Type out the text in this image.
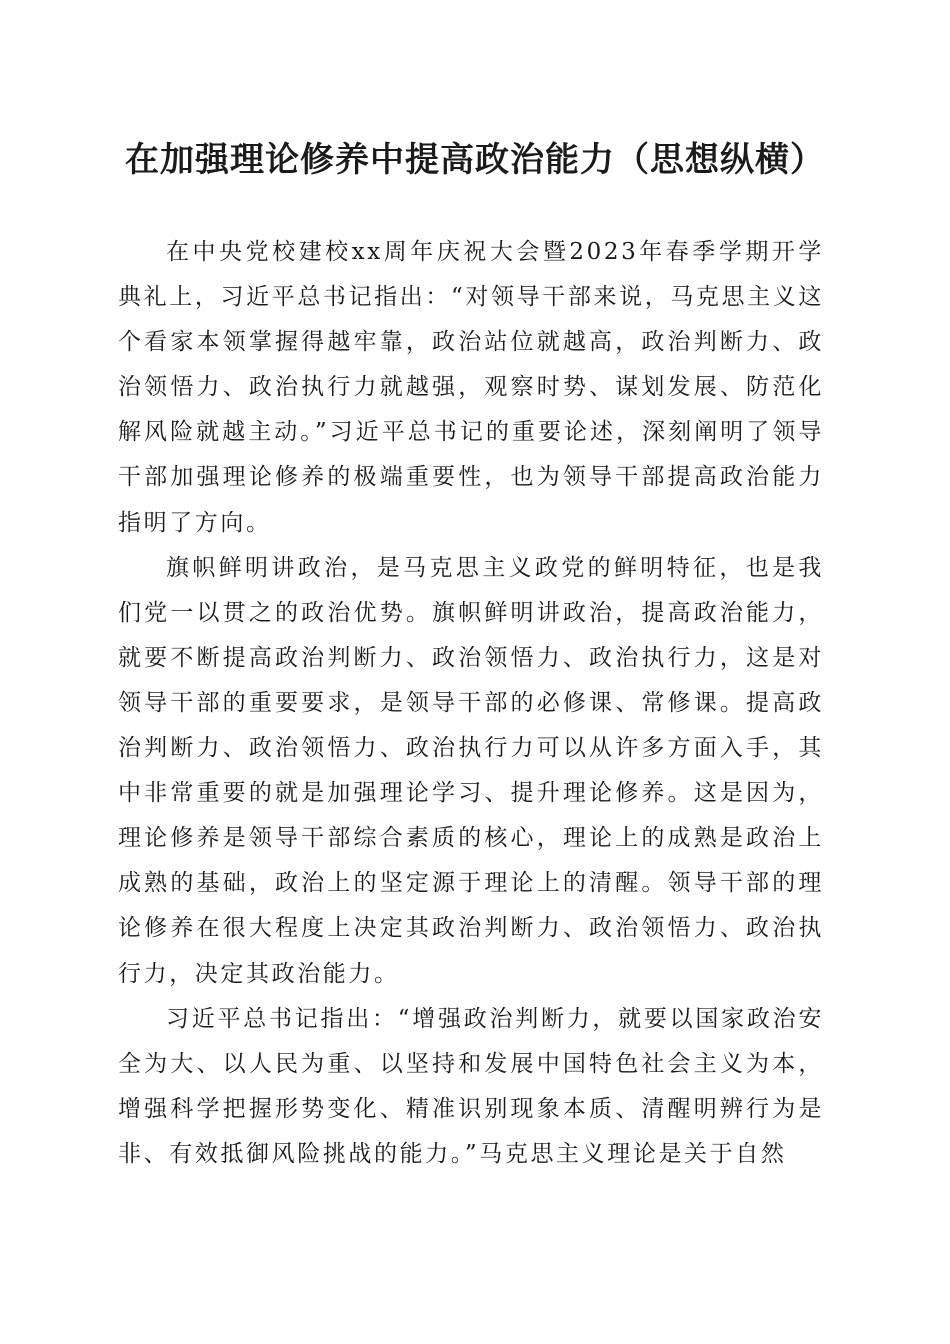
在加强理论修养中提高政治能力（思想纵横）

在中央党校建校xx周年庆祝大会暨2023年春季学期开学典礼上，习近平总书记指出：“对领导干部来说，马克思主义这个看家本领掌握得越牢靠，政治站位就越高，政治判断力、政治领悟力、政治执行力就越强，观察时势、谋划发展、防范化解风险就越主动。”习近平总书记的重要论述，深刻阐明了领导干部加强理论修养的极端重要性，也为领导干部提高政治能力指明了方向。

旗帜鲜明讲政治，是马克思主义政党的鲜明特征，也是我们党一以贯之的政治优势。旗帜鲜明讲政治，提高政治能力，就要不断提高政治判断力、政治领悟力、政治执行力，这是对领导干部的重要要求，是领导干部的必修课、常修课。提高政治判断力、政治领悟力、政治执行力可以从许多方面入手，其中非常重要的就是加强理论学习、提升理论修养。这是因为，理论修养是领导干部综合素质的核心，理论上的成熟是政治上成熟的基础，政治上的坚定源于理论上的清醒。领导干部的理论修养在很大程度上决定其政治判断力、政治领悟力、政治执行力，决定其政治能力。

习近平总书记指出：“增强政治判断力，就要以国家政治安全为大、以人民为重、以坚持和发展中国特色社会主义为本，增强科学把握形势变化、精准识别现象本质、清醒明辨行为是非、有效抵御风险挑战的能力。”马克思主义理论是关于自然
